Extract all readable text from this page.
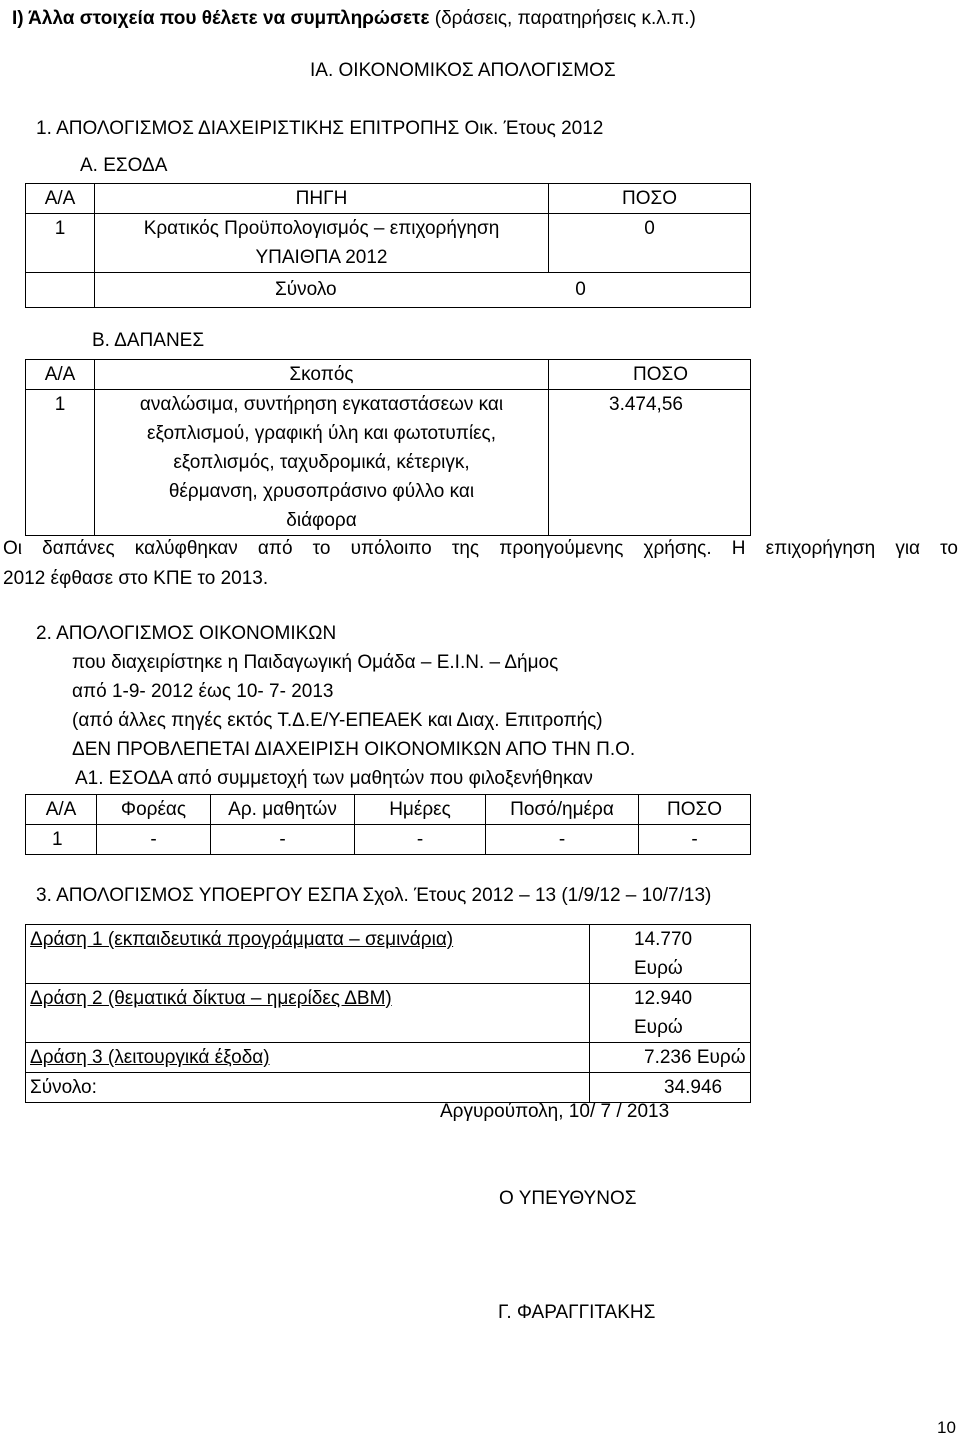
Ι) Άλλα στοιχεία που θέλετε να συμπληρώσετε (δράσεις, παρατηρήσεις κ.λ.π.)
ΙΑ. ΟΙΚΟΝΟΜΙΚΟΣ ΑΠΟΛΟΓΙΣΜΟΣ
1. ΑΠΟΛΟΓΙΣΜΟΣ ΔΙΑΧΕΙΡΙΣΤΙΚΗΣ ΕΠΙΤΡΟΠΗΣ Οικ. Έτους 2012
Α. ΕΣΟΔΑ
Α/Α	ΠΗΓΗ	ΠΟΣΟ
1	Κρατικός Προϋπολογισμός – επιχορήγηση
ΥΠΑΙΘΠΑ 2012	0
	Σύνολο 0	
Β. ΔΑΠΑΝΕΣ
Α/Α	Σκοπός	ΠΟΣΟ
1	αναλώσιμα, συντήρηση εγκαταστάσεων και
εξοπλισμού, γραφική ύλη και φωτοτυπίες,
εξοπλισμός, ταχυδρομικά, κέτεριγκ,
θέρμανση, χρυσοπράσινο φύλλο και
διάφορα	3.474,56
Οι δαπάνες καλύφθηκαν από το υπόλοιπο της προηγούμενης χρήσης. Η επιχορήγηση για το
2012 έφθασε στο ΚΠΕ το 2013.
2. ΑΠΟΛΟΓΙΣΜΟΣ ΟΙΚΟΝΟΜΙΚΩΝ
που διαχειρίστηκε η Παιδαγωγική Ομάδα – Ε.Ι.Ν. – Δήμος
από 1-9- 2012 έως 10- 7- 2013
(από άλλες πηγές εκτός Τ.Δ.Ε/Υ-ΕΠΕΑΕΚ και Διαχ. Επιτροπής)
ΔΕΝ ΠΡΟΒΛΕΠΕΤΑΙ ΔΙΑΧΕΙΡΙΣΗ ΟΙΚΟΝΟΜΙΚΩΝ ΑΠΟ ΤΗΝ Π.Ο.
Α1. ΕΣΟΔΑ από συμμετοχή των μαθητών που φιλοξενήθηκαν
Α/Α	Φορέας	Αρ. μαθητών	Ημέρες	Ποσό/ημέρα	ΠΟΣΟ
1	-	-	-	-	-
3. ΑΠΟΛΟΓΙΣΜΟΣ ΥΠΟΕΡΓΟΥ ΕΣΠΑ Σχολ. Έτους 2012 – 13 (1/9/12 – 10/7/13)
Δράση 1 (εκπαιδευτικά προγράμματα – σεμινάρια)	14.770 Ευρώ
Δράση 2 (θεματικά δίκτυα – ημερίδες ΔΒΜ)	12.940 Ευρώ
Δράση 3 (λειτουργικά έξοδα)	7.236 Ευρώ
Σύνολο:	34.946
Αργυρούπολη, 10/ 7 / 2013
Ο ΥΠΕΥΘΥΝΟΣ
Γ. ΦΑΡΑΓΓΙΤΑΚΗΣ
10
